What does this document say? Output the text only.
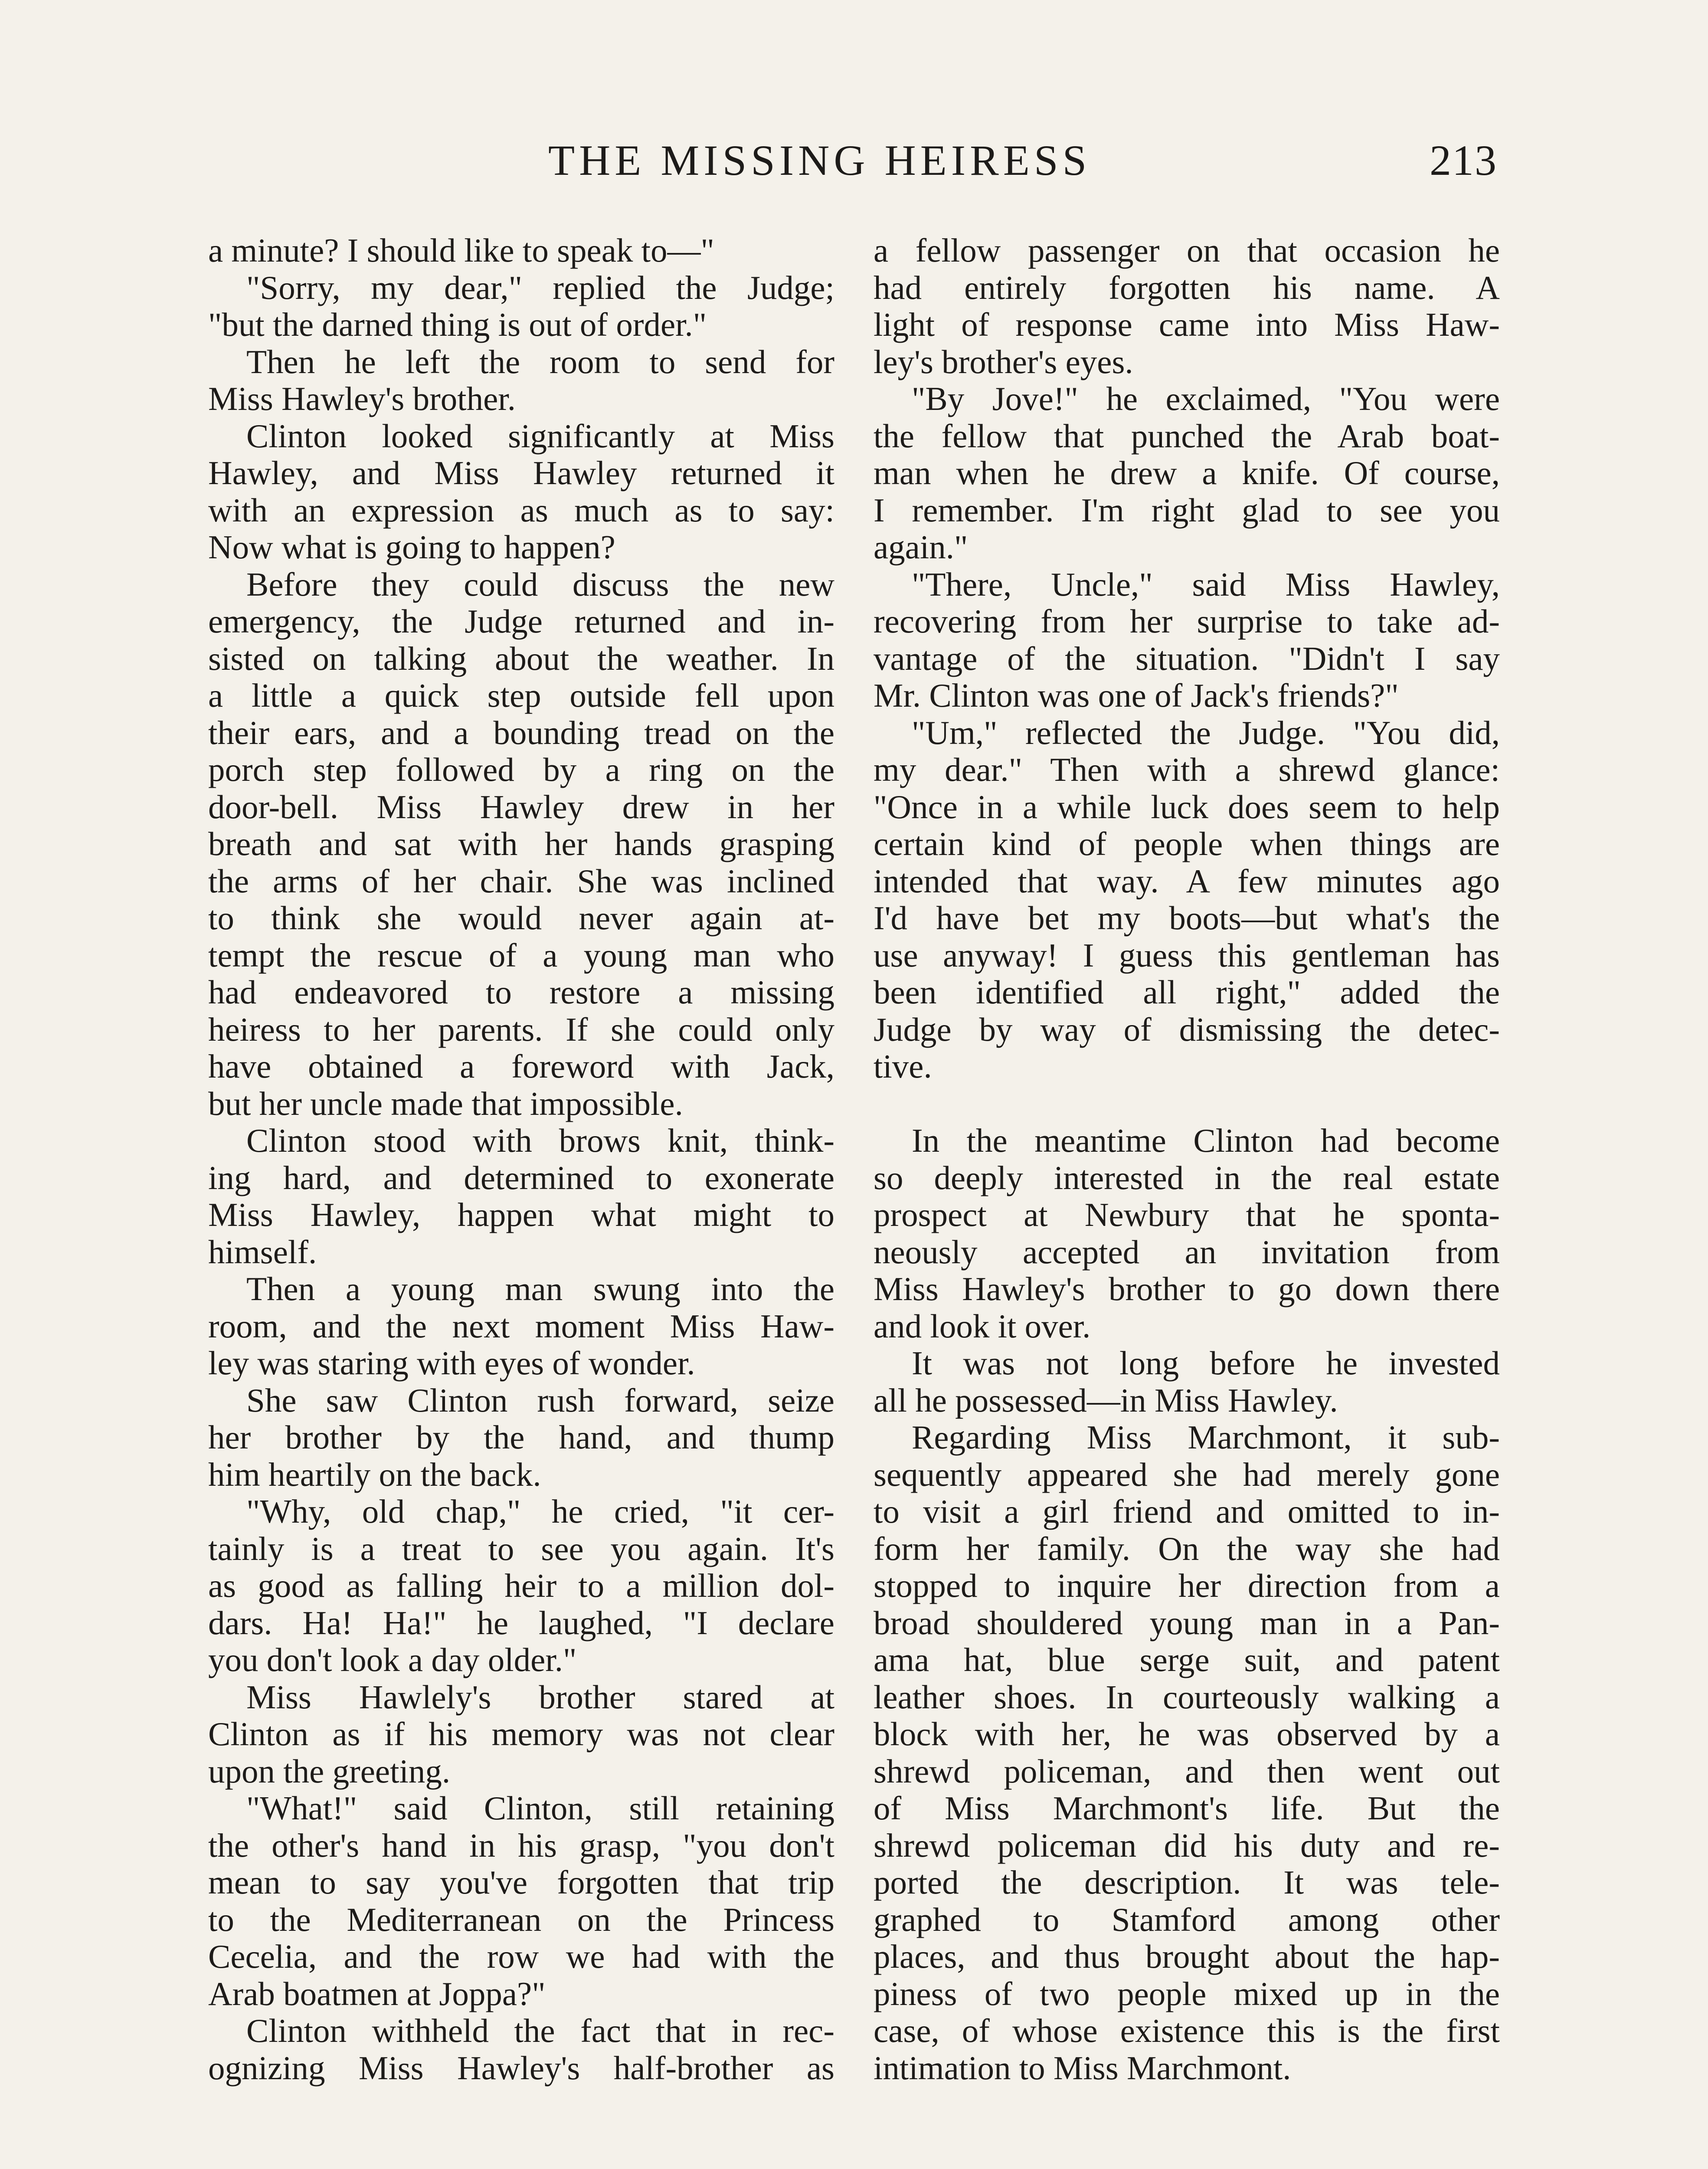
THE MISSING HEIRESS	213
a minute? I should like to speak to—"
"Sorry, my dear," replied the Judge;
"but the darned thing is out of order."
Then he left the room to send for
Miss Hawley's brother.
Clinton looked significantly at Miss
Hawley, and Miss Hawley returned it
with an expression as much as to say:
Now what is going to happen?
Before they could discuss the new
emergency, the Judge returned and in-
sisted on talking about the weather. In
a little a quick step outside fell upon
their ears, and a bounding tread on the
porch step followed by a ring on the
door-bell. Miss Hawley drew in her
breath and sat with her hands grasping
the arms of her chair. She was inclined
to think she would never again at-
tempt the rescue of a young man who
had endeavored to restore a missing
heiress to her parents. If she could only
have obtained a foreword with Jack,
but her uncle made that impossible.
Clinton stood with brows knit, think-
ing hard, and determined to exonerate
Miss Hawley, happen what might to
himself.
Then a young man swung into the
room, and the next moment Miss Haw-
ley was staring with eyes of wonder.
She saw Clinton rush forward, seize
her brother by the hand, and thump
him heartily on the back.
"Why, old chap," he cried, "it cer-
tainly is a treat to see you again. It's
as good as falling heir to a million dol-
dars. Ha! Ha!" he laughed, "I declare
you don't look a day older."
Miss Hawlely's brother stared at
Clinton as if his memory was not clear
upon the greeting.
"What!" said Clinton, still retaining
the other's hand in his grasp, "you don't
mean to say you've forgotten that trip
to the Mediterranean on the Princess
Cecelia, and the row we had with the
Arab boatmen at Joppa?"
Clinton withheld the fact that in rec-
ognizing Miss Hawley's half-brother as
a fellow passenger on that occasion he
had entirely forgotten his name. A
light of response came into Miss Haw-
ley's brother's eyes.
"By Jove!" he exclaimed, "You were
the fellow that punched the Arab boat-
man when he drew a knife. Of course,
I remember. I'm right glad to see you
again."
"There, Uncle," said Miss Hawley,
recovering from her surprise to take ad-
vantage of the situation. "Didn't I say
Mr. Clinton was one of Jack's friends?"
"Um," reflected the Judge. "You did,
my dear." Then with a shrewd glance:
"Once in a while luck does seem to help
certain kind of people when things are
intended that way. A few minutes ago
I'd have bet my boots—but what's the
use anyway! I guess this gentleman has
been identified all right," added the
Judge by way of dismissing the detec-
tive.
In the meantime Clinton had become
so deeply interested in the real estate
prospect at Newbury that he sponta-
neously accepted an invitation from
Miss Hawley's brother to go down there
and look it over.
It was not long before he invested
all he possessed—in Miss Hawley.
Regarding Miss Marchmont, it sub-
sequently appeared she had merely gone
to visit a girl friend and omitted to in-
form her family. On the way she had
stopped to inquire her direction from a
broad shouldered young man in a Pan-
ama hat, blue serge suit, and patent
leather shoes. In courteously walking a
block with her, he was observed by a
shrewd policeman, and then went out
of Miss Marchmont's life. But the
shrewd policeman did his duty and re-
ported the description. It was tele-
graphed to Stamford among other
places, and thus brought about the hap-
piness of two people mixed up in the
case, of whose existence this is the first
intimation to Miss Marchmont.
